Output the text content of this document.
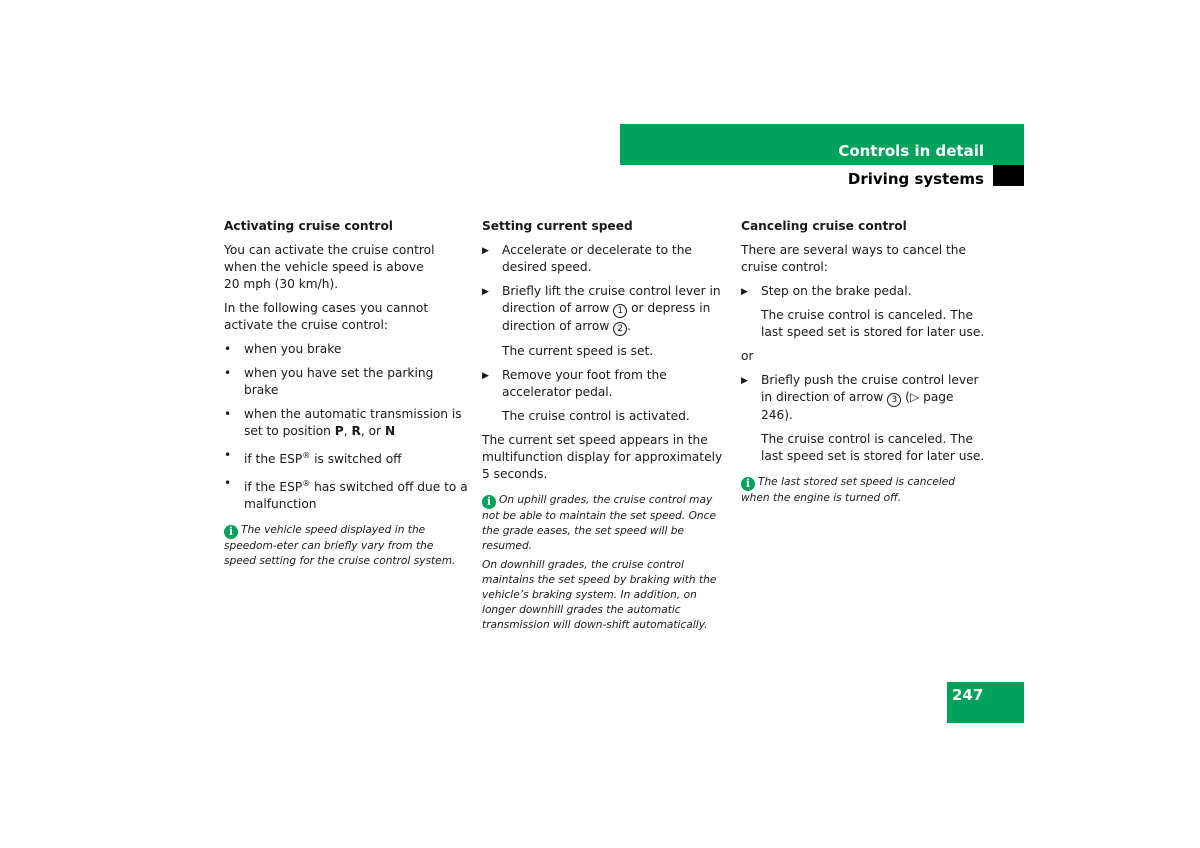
Controls in detail
Driving systems
Activating cruise control
You can activate the cruise control when the vehicle speed is above
20 mph (30 km/h).
In the following cases you cannot activate the cruise control:
•	when you brake
•	when you have set the parking brake
•	when the automatic transmission is set to position P, R, or N
•	if the ESP® is switched off
•	if the ESP® has switched off due to a malfunction
i The vehicle speed displayed in the speedom-eter can briefly vary from the speed setting for the cruise control system.
Setting current speed
▶	Accelerate or decelerate to the desired speed.
▶	Briefly lift the cruise control lever in direction of arrow 1 or depress in direction of arrow 2 .
The current speed is set.
▶	Remove your foot from the accelerator pedal.
The cruise control is activated.
The current set speed appears in the multifunction display for approximately
5 seconds.
i On uphill grades, the cruise control may not be able to maintain the set speed. Once the grade eases, the set speed will be resumed.
On downhill grades, the cruise control maintains the set speed by braking with the vehicle’s braking system. In addition, on longer downhill grades the automatic transmission will down-shift automatically.
Canceling cruise control
There are several ways to cancel the cruise control:
▶	Step on the brake pedal.
The cruise control is canceled. The last speed set is stored for later use.
or
▶	Briefly push the cruise control lever in direction of arrow 3 (▷ page 246).
The cruise control is canceled. The last speed set is stored for later use.
i The last stored set speed is canceled when the engine is turned off.
247
